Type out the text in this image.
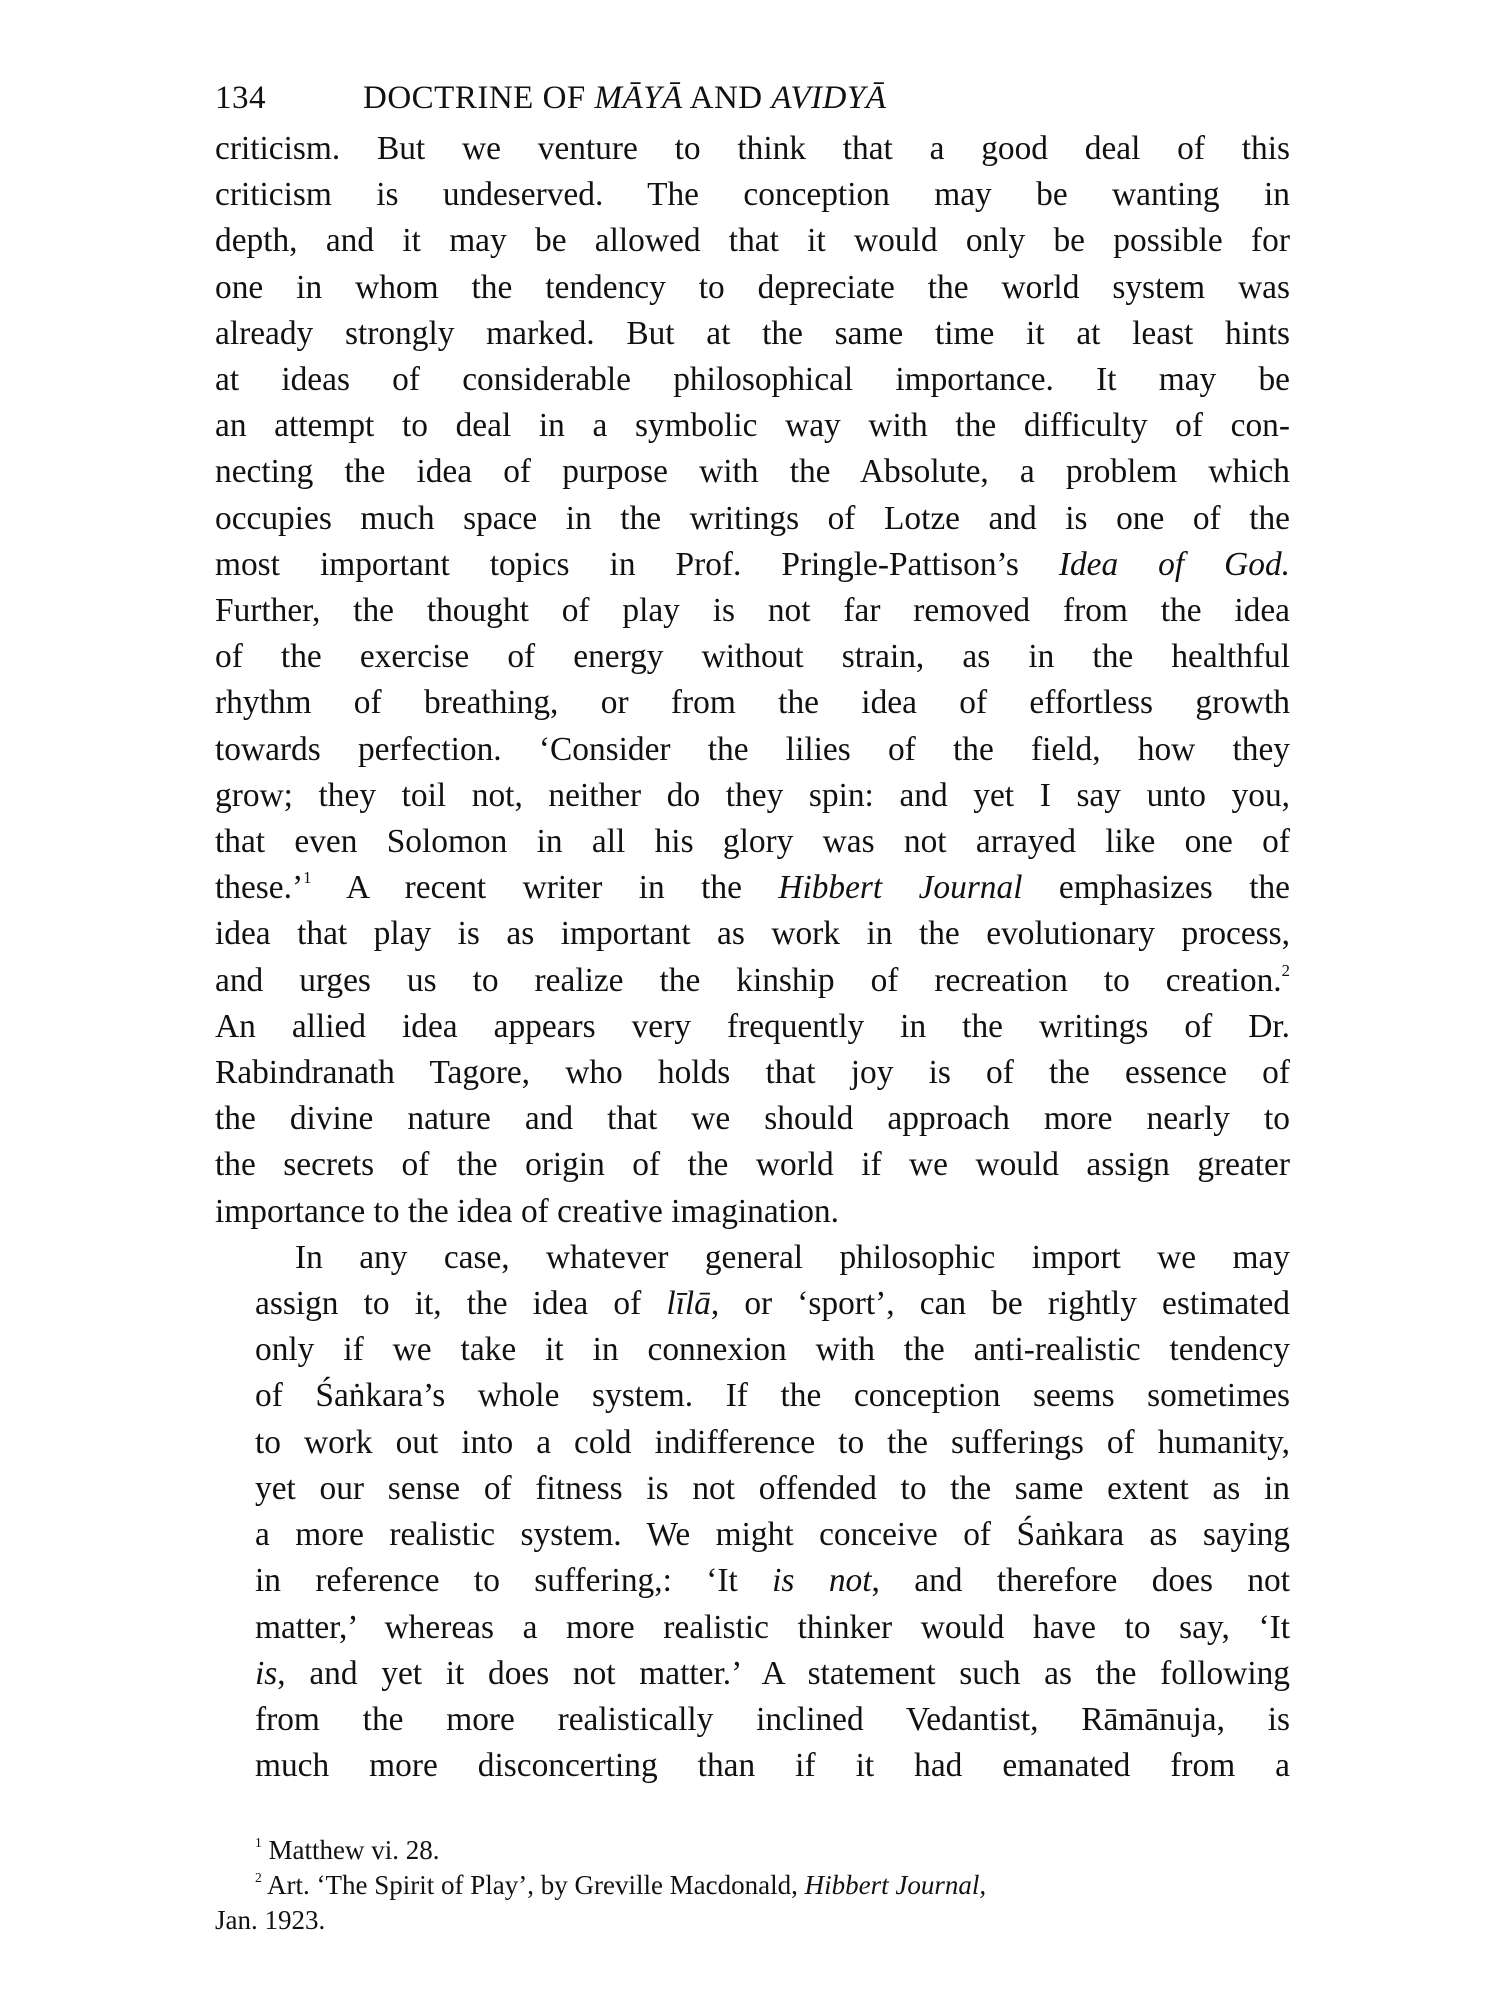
134	DOCTRINE OF MĀYĀ AND AVIDYĀ
criticism. But we venture to think that a good deal of this
criticism is undeserved. The conception may be wanting in
depth, and it may be allowed that it would only be possible for
one in whom the tendency to depreciate the world system was
already strongly marked. But at the same time it at least hints
at ideas of considerable philosophical importance. It may be
an attempt to deal in a symbolic way with the difficulty of con-
necting the idea of purpose with the Absolute, a problem which
occupies much space in the writings of Lotze and is one of the
most important topics in Prof. Pringle-Pattison’s Idea of God.
Further, the thought of play is not far removed from the idea
of the exercise of energy without strain, as in the healthful
rhythm of breathing, or from the idea of effortless growth
towards perfection. ‘Consider the lilies of the field, how they
grow; they toil not, neither do they spin: and yet I say unto you,
that even Solomon in all his glory was not arrayed like one of
these.’$^1$ A recent writer in the Hibbert Journal emphasizes the
idea that play is as important as work in the evolutionary process,
and urges us to realize the kinship of recreation to creation.$^2$
An allied idea appears very frequently in the writings of Dr.
Rabindranath Tagore, who holds that joy is of the essence of
the divine nature and that we should approach more nearly to
the secrets of the origin of the world if we would assign greater
importance to the idea of creative imagination.
In any case, whatever general philosophic import we may
assign to it, the idea of līlā, or ‘sport’, can be rightly estimated
only if we take it in connexion with the anti-realistic tendency
of Śaṅkara’s whole system. If the conception seems sometimes
to work out into a cold indifference to the sufferings of humanity,
yet our sense of fitness is not offended to the same extent as in
a more realistic system. We might conceive of Śaṅkara as saying
in reference to suffering,: ‘It is not, and therefore does not
matter,’ whereas a more realistic thinker would have to say, ‘It
is, and yet it does not matter.’ A statement such as the following
from the more realistically inclined Vedantist, Rāmānuja, is
much more disconcerting than if it had emanated from a
$^1$ Matthew vi. 28.
$^2$ Art. ‘The Spirit of Play’, by Greville Macdonald, Hibbert Journal,
Jan. 1923.
